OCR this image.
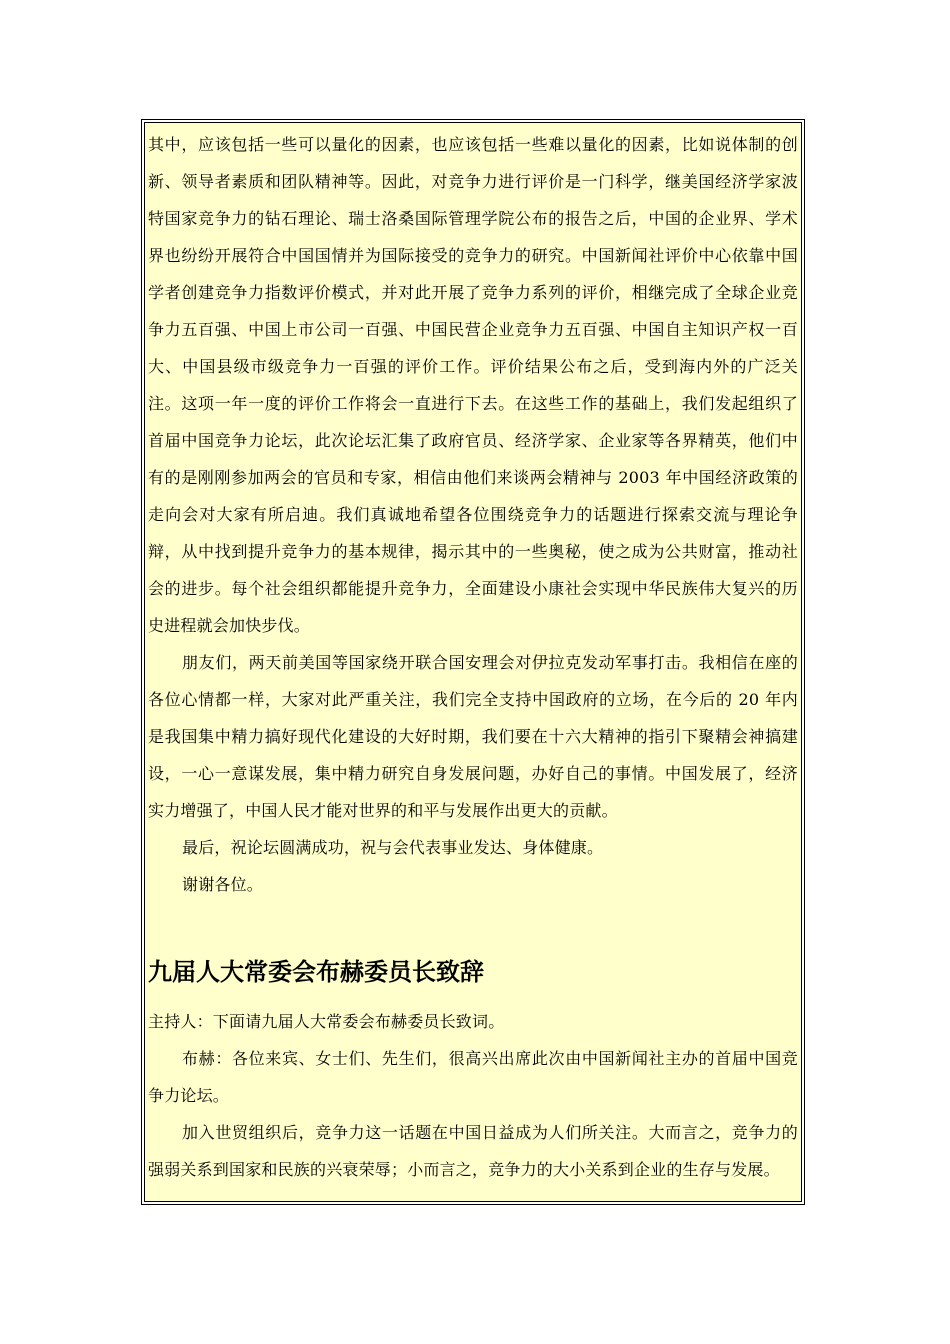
其中，应该包括一些可以量化的因素，也应该包括一些难以量化的因素，比如说体制的创
新、领导者素质和团队精神等。因此，对竞争力进行评价是一门科学，继美国经济学家波
特国家竞争力的钻石理论、瑞士洛桑国际管理学院公布的报告之后，中国的企业界、学术
界也纷纷开展符合中国国情并为国际接受的竞争力的研究。中国新闻社评价中心依靠中国
学者创建竞争力指数评价模式，并对此开展了竞争力系列的评价，相继完成了全球企业竞
争力五百强、中国上市公司一百强、中国民营企业竞争力五百强、中国自主知识产权一百
大、中国县级市级竞争力一百强的评价工作。评价结果公布之后，受到海内外的广泛关
注。这项一年一度的评价工作将会一直进行下去。在这些工作的基础上，我们发起组织了
首届中国竞争力论坛，此次论坛汇集了政府官员、经济学家、企业家等各界精英，他们中
有的是刚刚参加两会的官员和专家，相信由他们来谈两会精神与 2003 年中国经济政策的
走向会对大家有所启迪。我们真诚地希望各位围绕竞争力的话题进行探索交流与理论争
辩，从中找到提升竞争力的基本规律，揭示其中的一些奥秘，使之成为公共财富，推动社
会的进步。每个社会组织都能提升竞争力，全面建设小康社会实现中华民族伟大复兴的历
史进程就会加快步伐。
朋友们，两天前美国等国家绕开联合国安理会对伊拉克发动军事打击。我相信在座的
各位心情都一样，大家对此严重关注，我们完全支持中国政府的立场，在今后的 20 年内
是我国集中精力搞好现代化建设的大好时期，我们要在十六大精神的指引下聚精会神搞建
设，一心一意谋发展，集中精力研究自身发展问题，办好自己的事情。中国发展了，经济
实力增强了，中国人民才能对世界的和平与发展作出更大的贡献。
最后，祝论坛圆满成功，祝与会代表事业发达、身体健康。
谢谢各位。
九届人大常委会布赫委员长致辞
主持人：下面请九届人大常委会布赫委员长致词。
布赫：各位来宾、女士们、先生们，很高兴出席此次由中国新闻社主办的首届中国竞
争力论坛。
加入世贸组织后，竞争力这一话题在中国日益成为人们所关注。大而言之，竞争力的
强弱关系到国家和民族的兴衰荣辱；小而言之，竞争力的大小关系到企业的生存与发展。
